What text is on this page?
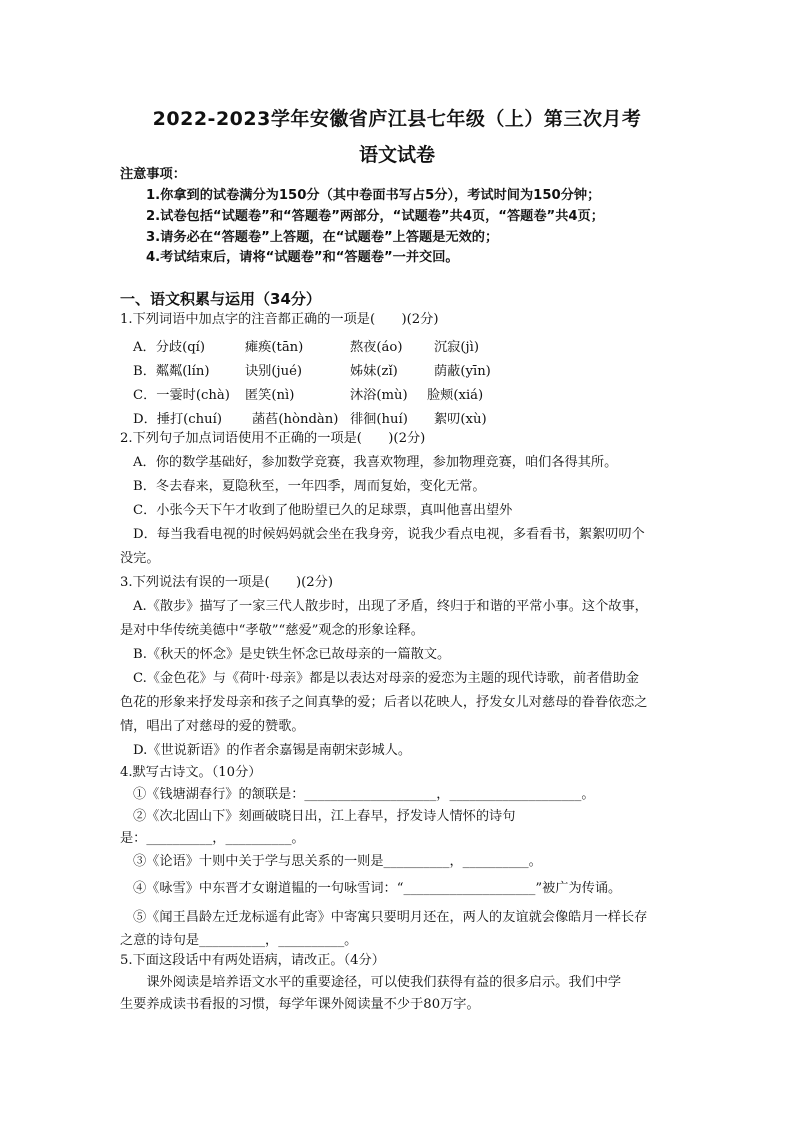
2022-2023学年安徽省庐江县七年级（上）第三次月考
语文试卷
注意事项：
1.你拿到的试卷满分为150分（其中卷面书写占5分），考试时间为150分钟；
2.试卷包括“试题卷”和“答题卷”两部分，“试题卷”共4页，“答题卷”共4页；
3.请务必在“答题卷”上答题，在“试题卷”上答题是无效的；
4.考试结束后，请将“试题卷”和“答题卷”一并交回。
一、语文积累与运用（34分）
1.下列词语中加点字的注音都正确的一项是(　　)(2分)
A．分歧(qí)	瘫痪(tān)	熬夜(áo) 沉寂(jì)
B．粼粼(lín)	诀别(jué)	姊妹(zǐ)	荫蔽(yīn)
C．一霎时(chà) 匿笑(nì)	沐浴(mù) 脸颊(xiá)
D．捶打(chuí) 菡萏(hòndàn) 徘徊(huí) 絮叨(xù)
2.下列句子加点词语使用不正确的一项是(　　)(2分)
A．你的数学基础好，参加数学竞赛，我喜欢物理，参加物理竞赛，咱们各得其所。
B．冬去春来，夏隐秋至，一年四季，周而复始，变化无常。
C．小张今天下午才收到了他盼望已久的足球票，真叫他喜出望外
D．每当我看电视的时候妈妈就会坐在我身旁，说我少看点电视，多看看书，絮絮叨叨个
没完。
3.下列说法有误的一项是(　　)(2分)
A.《散步》描写了一家三代人散步时，出现了矛盾，终归于和谐的平常小事。这个故事，
是对中华传统美德中“孝敬”“慈爱”观念的形象诠释。
B.《秋天的怀念》是史铁生怀念已故母亲的一篇散文。
C.《金色花》与《荷叶·母亲》都是以表达对母亲的爱恋为主题的现代诗歌，前者借助金
色花的形象来抒发母亲和孩子之间真挚的爱；后者以花映人，抒发女儿对慈母的眷眷依恋之
情，唱出了对慈母的爱的赞歌。
D.《世说新语》的作者余嘉锡是南朝宋彭城人。
4.默写古诗文。（10分）
①《钱塘湖春行》的颔联是：____________________，____________________。
②《次北固山下》刻画破晓日出，江上春早，抒发诗人情怀的诗句
是：__________，__________。
③《论语》十则中关于学与思关系的一则是__________，__________。
④《咏雪》中东晋才女谢道韫的一句咏雪词：“____________________”被广为传诵。
⑤《闻王昌龄左迁龙标遥有此寄》中寄寓只要明月还在，两人的友谊就会像皓月一样长存
之意的诗句是__________，__________。
5.下面这段话中有两处语病，请改正。（4分）
　　课外阅读是培养语文水平的重要途径，可以使我们获得有益的很多启示。我们中学
生要养成读书看报的习惯，每学年课外阅读量不少于80万字。
